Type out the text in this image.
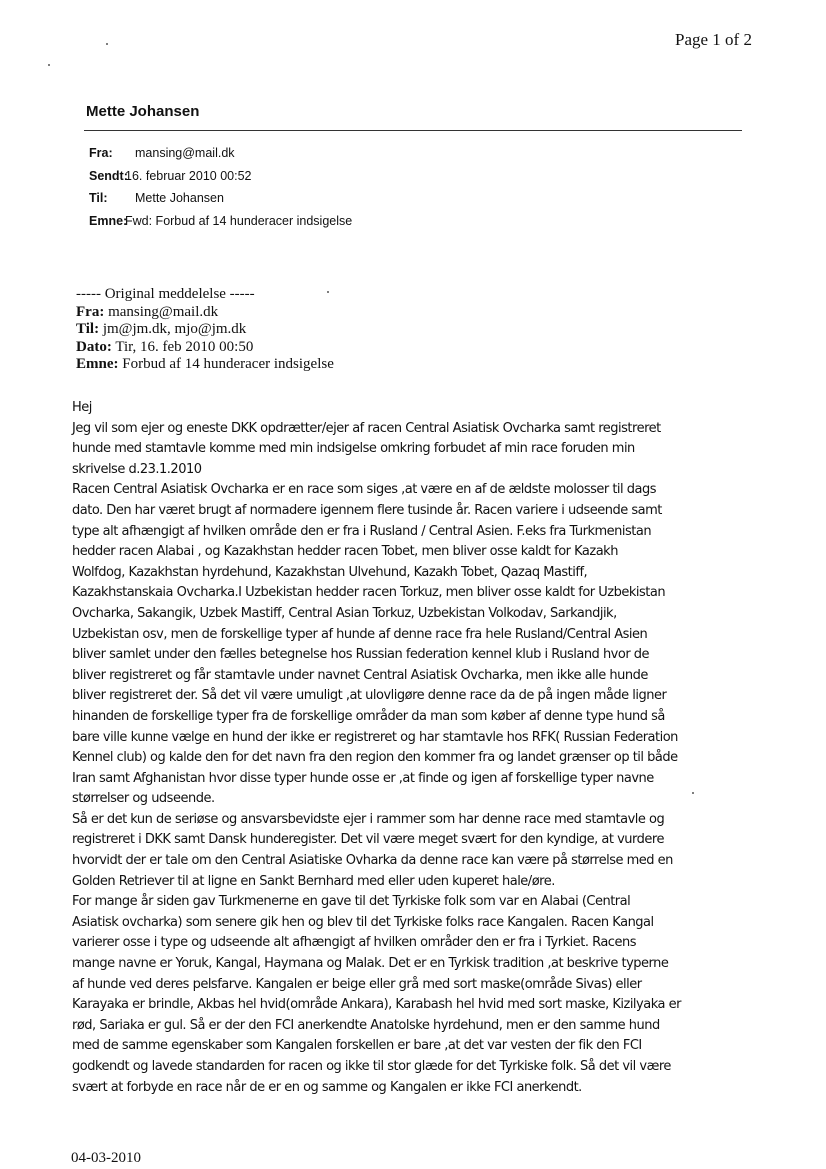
Page 1 of 2
Mette Johansen
Fra: mansing@mail.dk
Sendt:16. februar 2010 00:52
Til: Mette Johansen
Emne:Fwd: Forbud af 14 hunderacer indsigelse
----- Original meddelelse -----
Fra: mansing@mail.dk
Til: jm@jm.dk, mjo@jm.dk
Dato: Tir, 16. feb 2010 00:50
Emne: Forbud af 14 hunderacer indsigelse
Hej
Jeg vil som ejer og eneste DKK opdrætter/ejer af racen Central Asiatisk Ovcharka samt registreret
hunde med stamtavle komme med min indsigelse omkring forbudet af min race foruden min
skrivelse d.23.1.2010
Racen Central Asiatisk Ovcharka er en race som siges ,at være en af de ældste molosser til dags
dato. Den har været brugt af normadere igennem flere tusinde år. Racen variere i udseende samt
type alt afhængigt af hvilken område den er fra i Rusland / Central Asien. F.eks fra Turkmenistan
hedder racen Alabai , og Kazakhstan hedder racen Tobet, men bliver osse kaldt for Kazakh
Wolfdog, Kazakhstan hyrdehund, Kazakhstan Ulvehund, Kazakh Tobet, Qazaq Mastiff,
Kazakhstanskaia Ovcharka.I Uzbekistan hedder racen Torkuz, men bliver osse kaldt for Uzbekistan
Ovcharka, Sakangik, Uzbek Mastiff, Central Asian Torkuz, Uzbekistan Volkodav, Sarkandjik,
Uzbekistan osv, men de forskellige typer af hunde af denne race fra hele Rusland/Central Asien
bliver samlet under den fælles betegnelse hos Russian federation kennel klub i Rusland hvor de
bliver registreret og får stamtavle under navnet Central Asiatisk Ovcharka, men ikke alle hunde
bliver registreret der. Så det vil være umuligt ,at ulovligøre denne race da de på ingen måde ligner
hinanden de forskellige typer fra de forskellige områder da man som køber af denne type hund så
bare ville kunne vælge en hund der ikke er registreret og har stamtavle hos RFK( Russian Federation
Kennel club) og kalde den for det navn fra den region den kommer fra og landet grænser op til både
Iran samt Afghanistan hvor disse typer hunde osse er ,at finde og igen af forskellige typer navne
størrelser og udseende.
Så er det kun de seriøse og ansvarsbevidste ejer i rammer som har denne race med stamtavle og
registreret i DKK samt Dansk hunderegister. Det vil være meget svært for den kyndige, at vurdere
hvorvidt der er tale om den Central Asiatiske Ovharka da denne race kan være på størrelse med en
Golden Retriever til at ligne en Sankt Bernhard med eller uden kuperet hale/øre.
For mange år siden gav Turkmenerne en gave til det Tyrkiske folk som var en Alabai (Central
Asiatisk ovcharka) som senere gik hen og blev til det Tyrkiske folks race Kangalen. Racen Kangal
varierer osse i type og udseende alt afhængigt af hvilken områder den er fra i Tyrkiet. Racens
mange navne er Yoruk, Kangal, Haymana og Malak. Det er en Tyrkisk tradition ,at beskrive typerne
af hunde ved deres pelsfarve. Kangalen er beige eller grå med sort maske(område Sivas) eller
Karayaka er brindle, Akbas hel hvid(område Ankara), Karabash hel hvid med sort maske, Kizilyaka er
rød, Sariaka er gul. Så er der den FCI anerkendte Anatolske hyrdehund, men er den samme hund
med de samme egenskaber som Kangalen forskellen er bare ,at det var vesten der fik den FCI
godkendt og lavede standarden for racen og ikke til stor glæde for det Tyrkiske folk. Så det vil være
svært at forbyde en race når de er en og samme og Kangalen er ikke FCI anerkendt.
04-03-2010
